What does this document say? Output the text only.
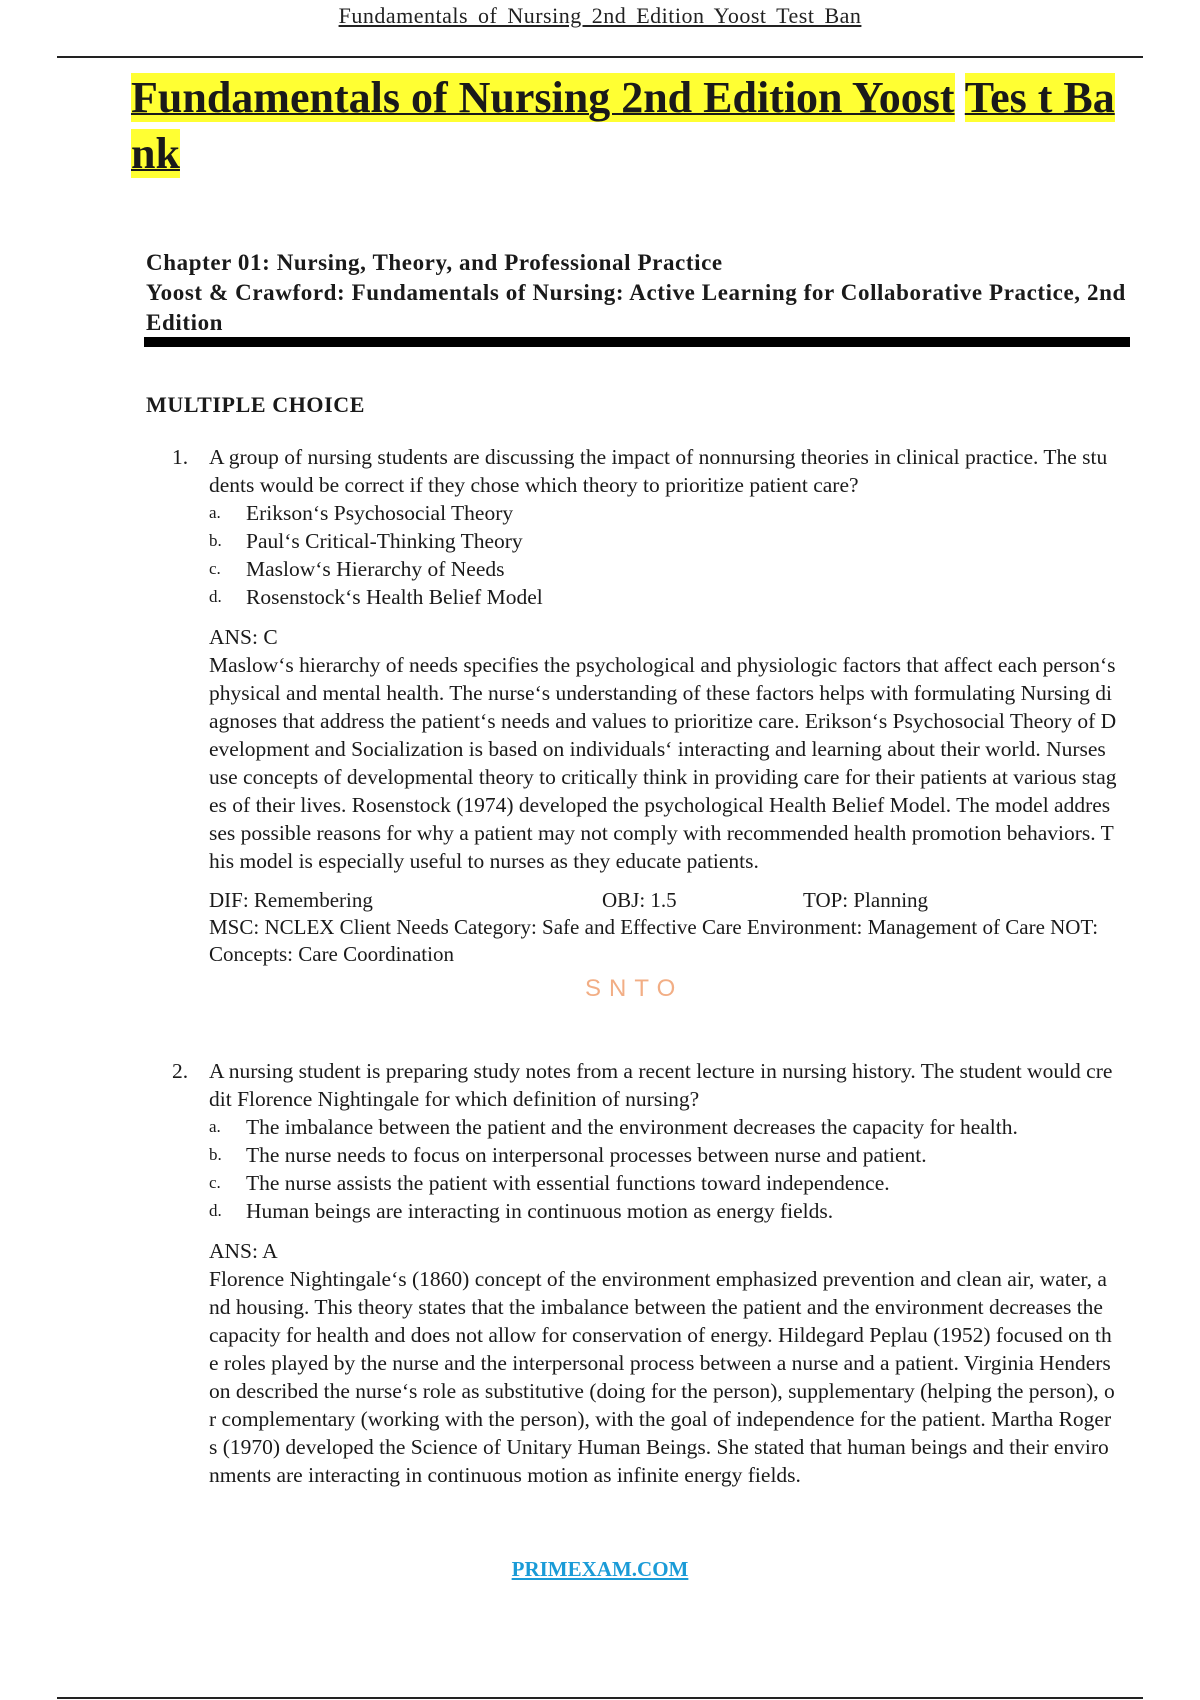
Fundamentals of Nursing 2nd Edition Yoost Test Ban
Fundamentals of Nursing 2nd Edition Yoost Tes t Bank
Chapter 01: Nursing, Theory, and Professional Practice
Yoost & Crawford: Fundamentals of Nursing: Active Learning for Collaborative Practice, 2nd Edition
MULTIPLE CHOICE
1. A group of nursing students are discussing the impact of nonnursing theories in clinical practice. The students would be correct if they chose which theory to prioritize patient care?

a. Erikson‘s Psychosocial Theory
b. Paul‘s Critical-Thinking Theory
c. Maslow‘s Hierarchy of Needs
d. Rosenstock‘s Health Belief Model
ANS: C

Maslow‘s hierarchy of needs specifies the psychological and physiologic factors that affect each person‘s physical and mental health. The nurse‘s understanding of these factors helps with formulating Nursing diagnoses that address the patient‘s needs and values to prioritize care. Erikson‘s Psychosocial Theory of Development and Socialization is based on individuals‘ interacting and learning about their world. Nurses use concepts of developmental theory to critically think in providing care for their patients at various stages of their lives. Rosenstock (1974) developed the psychological Health Belief Model. The model addresses possible reasons for why a patient may not comply with recommended health promotion behaviors. This model is especially useful to nurses as they educate patients.

DIF: Remembering	OBJ: 1.5	TOP: Planning
MSC: NCLEX Client Needs Category: Safe and Effective Care Environment: Management of Care NOT: Concepts: Care Coordination
SNTO
2. A nursing student is preparing study notes from a recent lecture in nursing history. The student would credit Florence Nightingale for which definition of nursing?

a. The imbalance between the patient and the environment decreases the capacity for health.
b. The nurse needs to focus on interpersonal processes between nurse and patient.
c. The nurse assists the patient with essential functions toward independence.
d. Human beings are interacting in continuous motion as energy fields.
ANS: A

Florence Nightingale‘s (1860) concept of the environment emphasized prevention and clean air, water, and housing. This theory states that the imbalance between the patient and the environment decreases the capacity for health and does not allow for conservation of energy. Hildegard Peplau (1952) focused on the roles played by the nurse and the interpersonal process between a nurse and a patient. Virginia Henderson described the nurse‘s role as substitutive (doing for the person), supplementary (helping the person), or complementary (working with the person), with the goal of independence for the patient. Martha Rogers (1970) developed the Science of Unitary Human Beings. She stated that human beings and their environments are interacting in continuous motion as infinite energy fields.

PRIMEXAM.COM
